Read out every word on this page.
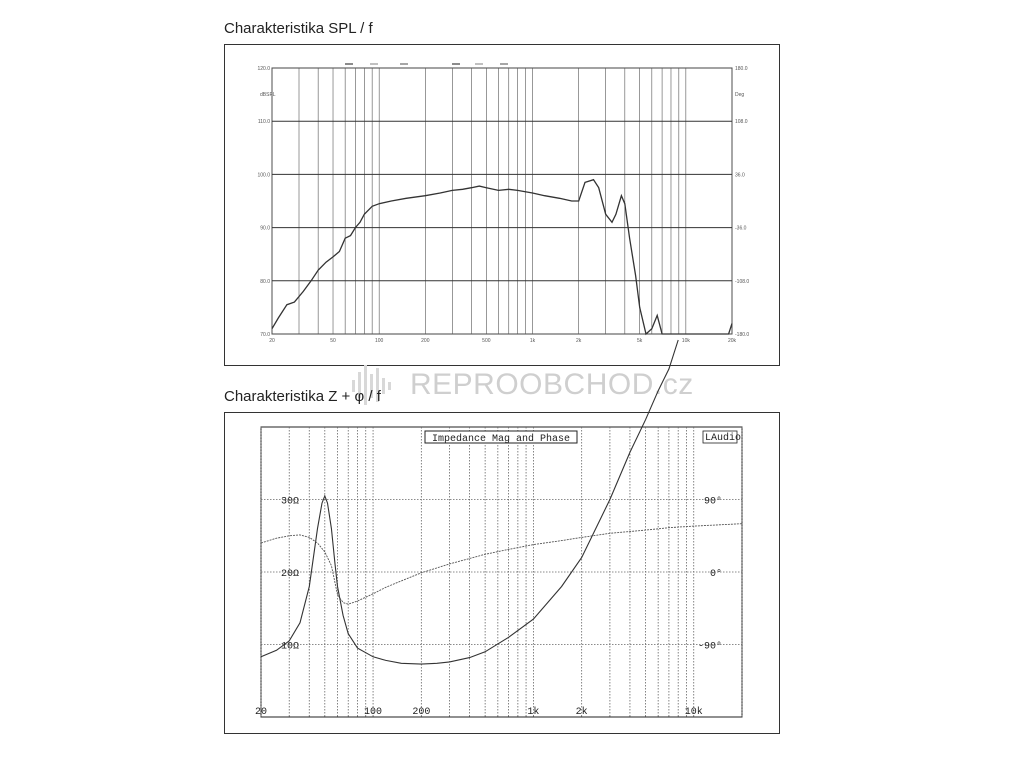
Charakteristika SPL / f
20	50	100	200	500	1k	2k	5k	10k	20k
70.0
80.0
90.0
100.0
110.0
120.0
-180.0
-108.0
-36.0
36.0
108.0
180.0
dBSPL	Deg
REPROOBCHOD.cz
Charakteristika Z + φ / f
20	100	200	1k	2k	10k
10Ω
20Ω
30Ω
-90°
0°
90°
Impedance Mag and Phase	LAudio
